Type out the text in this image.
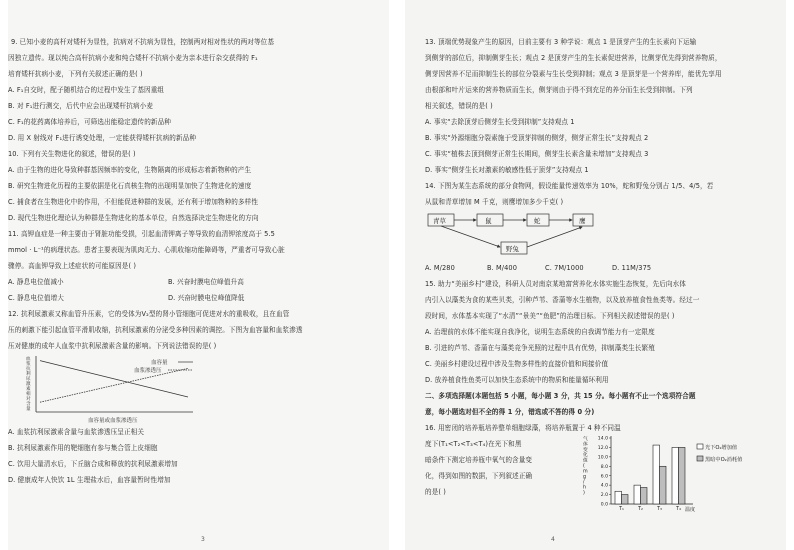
9. 已知小麦的高杆对矮杆为显性，抗病对不抗病为显性，控制两对相对性状的两对等位基
因独立遗传。现以纯合高杆抗病小麦和纯合矮杆不抗病小麦为亲本进行杂交获得的 F₁
培育矮杆抗病小麦，下列有关叙述正确的是( )
A. F₁自交时，配子随机结合的过程中发生了基因重组
B. 对 F₁进行测交，后代中应会出现矮杆抗病小麦
C. F₁的花药离体培养后，可筛选出能稳定遗传的新品种
D. 用 X 射线对 F₁进行诱变处理，一定能获得矮杆抗病的新品种
10. 下列有关生物进化的叙述，错误的是( )
A. 由于生物的进化导致种群基因频率的变化，生物隔离的形成标志着新物种的产生
B. 研究生物进化历程的主要依据是化石真核生物的出现明显加快了生物进化的速度
C. 捕食者在生物进化中的作用，不但能促进种群的发展，还有利于增加物种的多样性
D. 现代生物进化理论认为种群是生物进化的基本单位，自然选择决定生物进化的方向
11. 高钾血症是一种主要由于肾脏功能受损，引起血清钾离子等导致的血清钾浓度高于 5.5
mmol · L⁻¹的病理状态。患者主要表现为肌肉无力、心肌收缩功能障碍等，严重者可导致心脏
骤停。高血钾导致上述症状的可能原因是( )
A. 静息电位值减小	B. 兴奋时膜电位峰值升高
C. 静息电位值增大	D. 兴奋时膜电位峰值降低
12. 抗利尿激素又称血管升压素，它的受体为V₂型的肾小管细胞可促进对水的重吸收，且在血管
压的刺激下能引起血管平滑肌收缩，抗利尿激素的分泌受多种因素的调控。下图为血容量和血浆渗透
压对健康的成年人血浆中抗利尿激素含量的影响。下列说法错误的是( )
血
浆
抗
利
尿
激
素
相
对
含
量
血容量
血浆渗透压
血容量或血浆渗透压
A. 血浆抗利尿激素含量与血浆渗透压呈正相关
B. 抗利尿激素作用的靶细胞有参与集合管上皮细胞
C. 饮用大量清水后，下丘脑合成和释放的抗利尿激素增加
D. 健康成年人快饮 1L 生理盐水后，血容量暂时性增加
3
13. 顶端优势现象产生的原因，目前主要有 3 种学说：观点 1 是顶芽产生的生长素向下运输
到侧芽的部位后，抑制侧芽生长；观点 2 是顶芽产生的生长素促进营养，比侧芽优先得到营养物质，
侧芽因营养不足而抑制生长的部位分裂素与生长受到抑制；观点 3 是顶芽是一个营养库，能优先享用
由根部和叶片运来的营养物质而生长，侧芽则由于得不到充足的养分而生长受到抑制。下列
相关叙述，错误的是( )
A. 事实“去除顶芽后侧芽生长受到抑制”支持观点 1
B. 事实“外源细胞分裂素施于受顶芽抑制的侧芽，侧芽正常生长”支持观点 2
C. 事实“植株去顶到侧芽正常生长期间，侧芽生长素含量未增加”支持观点 3
D. 事实“侧芽生长对激素的敏感性低于顶芽”支持观点 1
14. 下图为某生态系统的部分食物网，假设能量传递效率为 10%，蛇和野兔分别占 1/5、4/5，若
从鼠和青草增加 M 千克，则鹰增加多少千克( )
青草	鼠	蛇	鹰
野兔
A. M/280	B. M/400	C. 7M/1000	D. 11M/375
15. 助力“美丽乡村”建设，科研人员对南京某地富营养化水体实施生态恢复，先后向水体
内引入以藻类为食的某些贝类，引种芦苇、香蒲等水生植物，以及放养植食性鱼类等。经过一
段时间，水体基本实现了“水清”“景美”“鱼肥”的治理目标。下列相关叙述错误的是( )
A. 治理前的水体不能实现自我净化，说明生态系统的自我调节能力有一定限度
B. 引进的芦苇、香蒲在与藻类竞争光照的过程中具有优势，抑制藻类生长繁殖
C. 美丽乡村建设过程中涉及生物多样性的直接价值和间接价值
D. 放养植食性鱼类可以加快生态系统中的物质和能量循环利用
二、多项选择题(本题包括 5 小题，每小题 3 分，共 15 分。每小题有不止一个选项符合题
意，每小题选对但不全的得 1 分，错选或不答的得 0 分)
16. 用密闭的培养瓶培养整单细胞绿藻，将培养瓶置于 4 种不同温
度下(T₁<T₂<T₃<T₄)在光下和黑
暗条件下测定培养瓶中氧气的含量变
化，得到如图的数据，下列叙述正确
的是( )
气
体
变
化
值
(
m
g
/
h
)
0.0
2.0
4.0
6.0
8.0
10.0
12.0
14.0
T₁	T₂	T₃	T₄ 温度
光下O₂增加值
黑暗中O₂消耗值
4
